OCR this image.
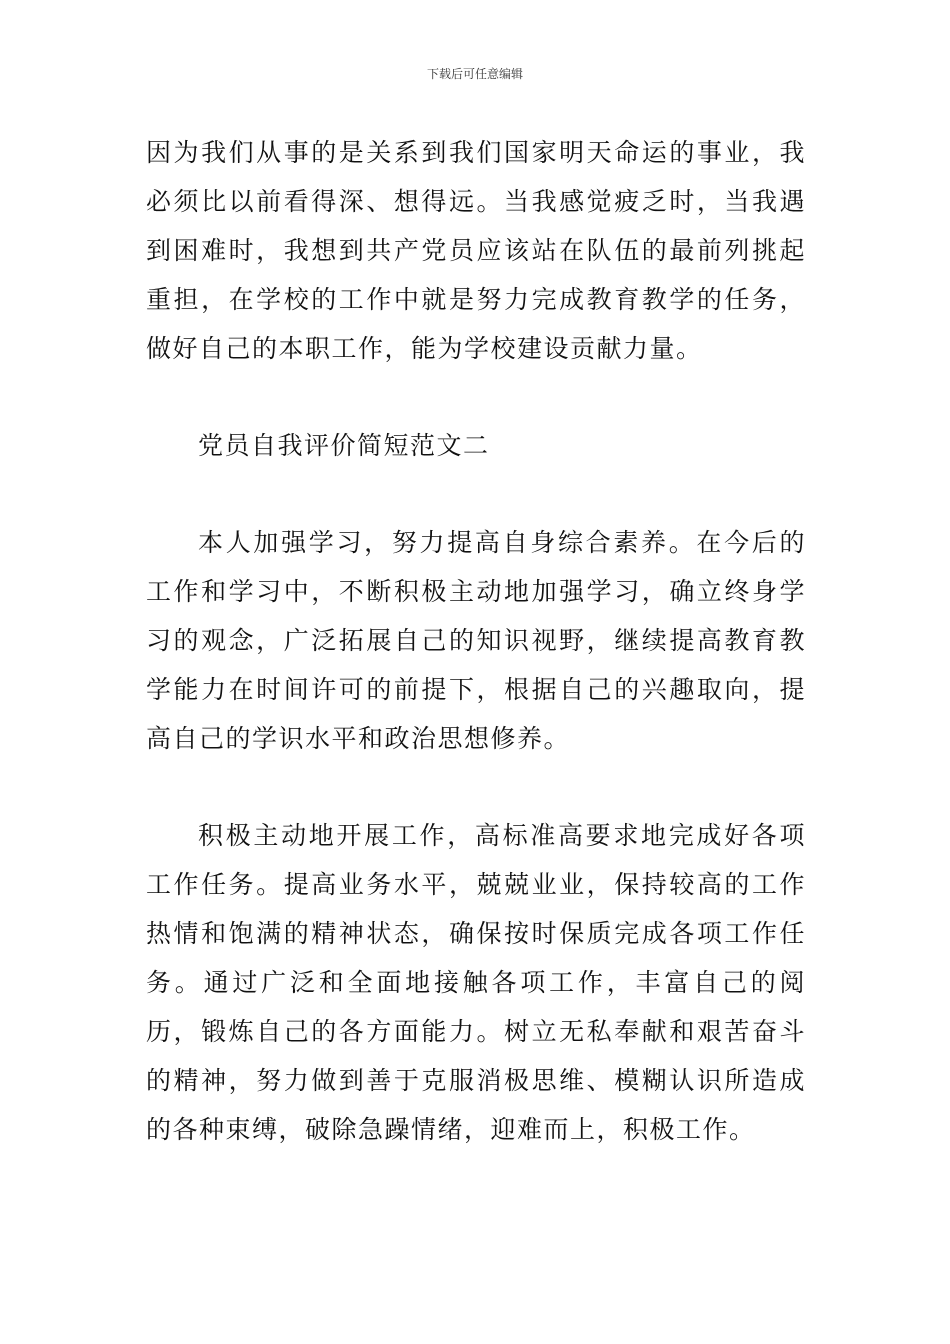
下载后可任意编辑

因为我们从事的是关系到我们国家明天命运的事业，我必须比以前看得深、想得远。当我感觉疲乏时，当我遇到困难时，我想到共产党员应该站在队伍的最前列挑起重担，在学校的工作中就是努力完成教育教学的任务，做好自己的本职工作，能为学校建设贡献力量。

党员自我评价简短范文二

本人加强学习，努力提高自身综合素养。在今后的工作和学习中，不断积极主动地加强学习，确立终身学习的观念，广泛拓展自己的知识视野，继续提高教育教学能力在时间许可的前提下，根据自己的兴趣取向，提高自己的学识水平和政治思想修养。

积极主动地开展工作，高标准高要求地完成好各项工作任务。提高业务水平，兢兢业业，保持较高的工作热情和饱满的精神状态，确保按时保质完成各项工作任务。通过广泛和全面地接触各项工作，丰富自己的阅历，锻炼自己的各方面能力。树立无私奉献和艰苦奋斗的精神，努力做到善于克服消极思维、模糊认识所造成的各种束缚，破除急躁情绪，迎难而上，积极工作。
